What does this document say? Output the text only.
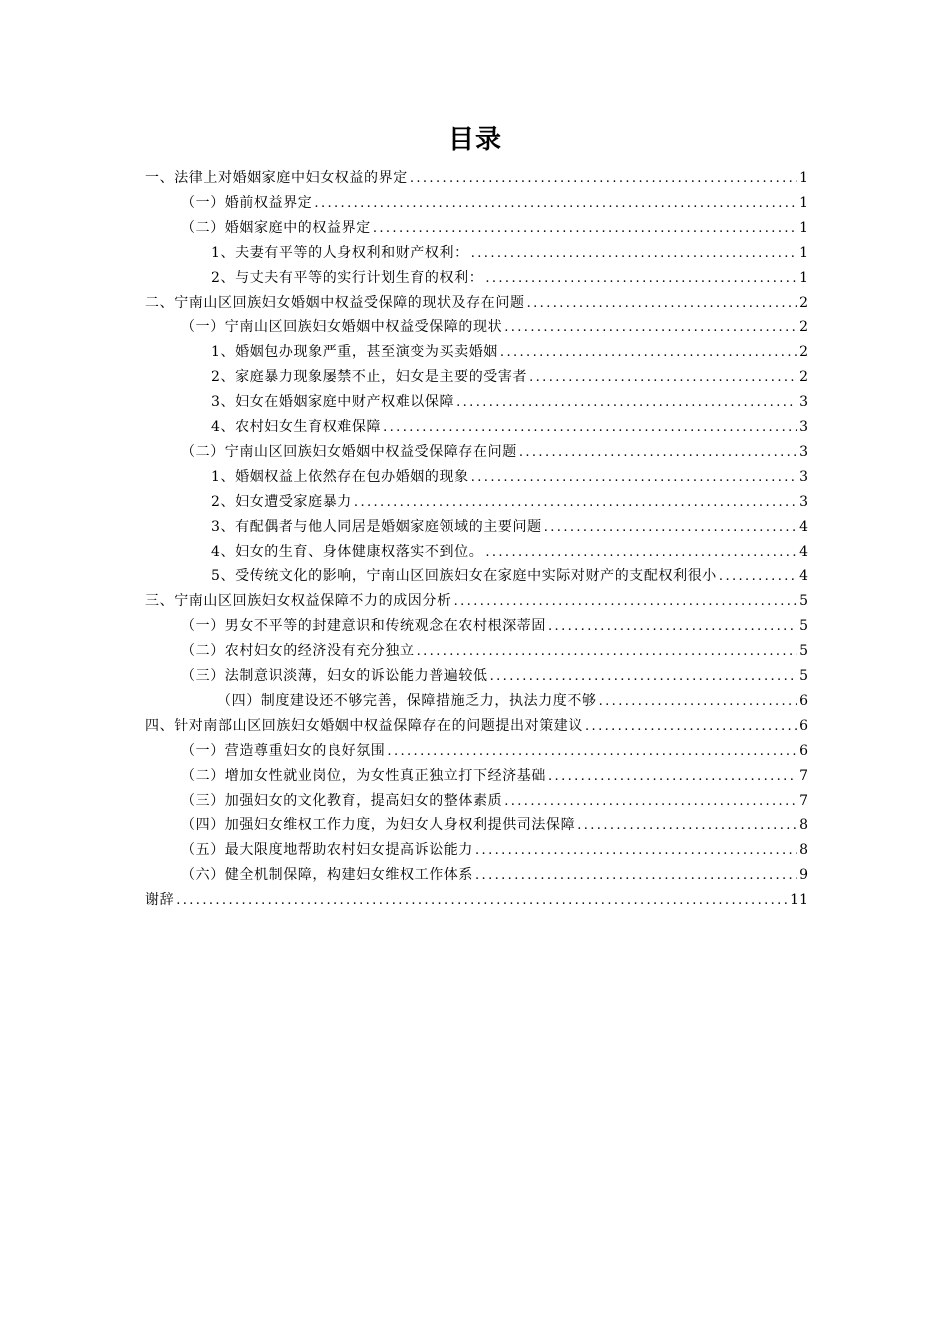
目录
一、法律上对婚姻家庭中妇女权益的界定 .....	1
（一）婚前权益界定 .....	1
（二）婚姻家庭中的权益界定 .....	1
1、夫妻有平等的人身权利和财产权利： .....	1
2、与丈夫有平等的实行计划生育的权利： .....	1
二、宁南山区回族妇女婚姻中权益受保障的现状及存在问题 .....	2
（一）宁南山区回族妇女婚姻中权益受保障的现状 .....	2
1、婚姻包办现象严重，甚至演变为买卖婚姻 .....	2
2、家庭暴力现象屡禁不止，妇女是主要的受害者 .....	2
3、妇女在婚姻家庭中财产权难以保障 .....	3
4、农村妇女生育权难保障 .....	3
（二）宁南山区回族妇女婚姻中权益受保障存在问题 .....	3
1、婚姻权益上依然存在包办婚姻的现象 .....	3
2、妇女遭受家庭暴力 .....	3
3、有配偶者与他人同居是婚姻家庭领域的主要问题 .....	4
4、妇女的生育、身体健康权落实不到位。 .....	4
5、受传统文化的影响，宁南山区回族妇女在家庭中实际对财产的支配权利很小 .....	4
三、宁南山区回族妇女权益保障不力的成因分析 .....	5
（一）男女不平等的封建意识和传统观念在农村根深蒂固 .....	5
（二）农村妇女的经济没有充分独立 .....	5
（三）法制意识淡薄，妇女的诉讼能力普遍较低 .....	5
（四）制度建设还不够完善，保障措施乏力，执法力度不够 .....	6
四、针对南部山区回族妇女婚姻中权益保障存在的问题提出对策建议 .....	6
（一）营造尊重妇女的良好氛围 .....	6
（二）增加女性就业岗位，为女性真正独立打下经济基础 .....	7
（三）加强妇女的文化教育，提高妇女的整体素质 .....	7
（四）加强妇女维权工作力度，为妇女人身权利提供司法保障 .....	8
（五）最大限度地帮助农村妇女提高诉讼能力 .....	8
（六）健全机制保障，构建妇女维权工作体系 .....	9
谢辞 .....	11
